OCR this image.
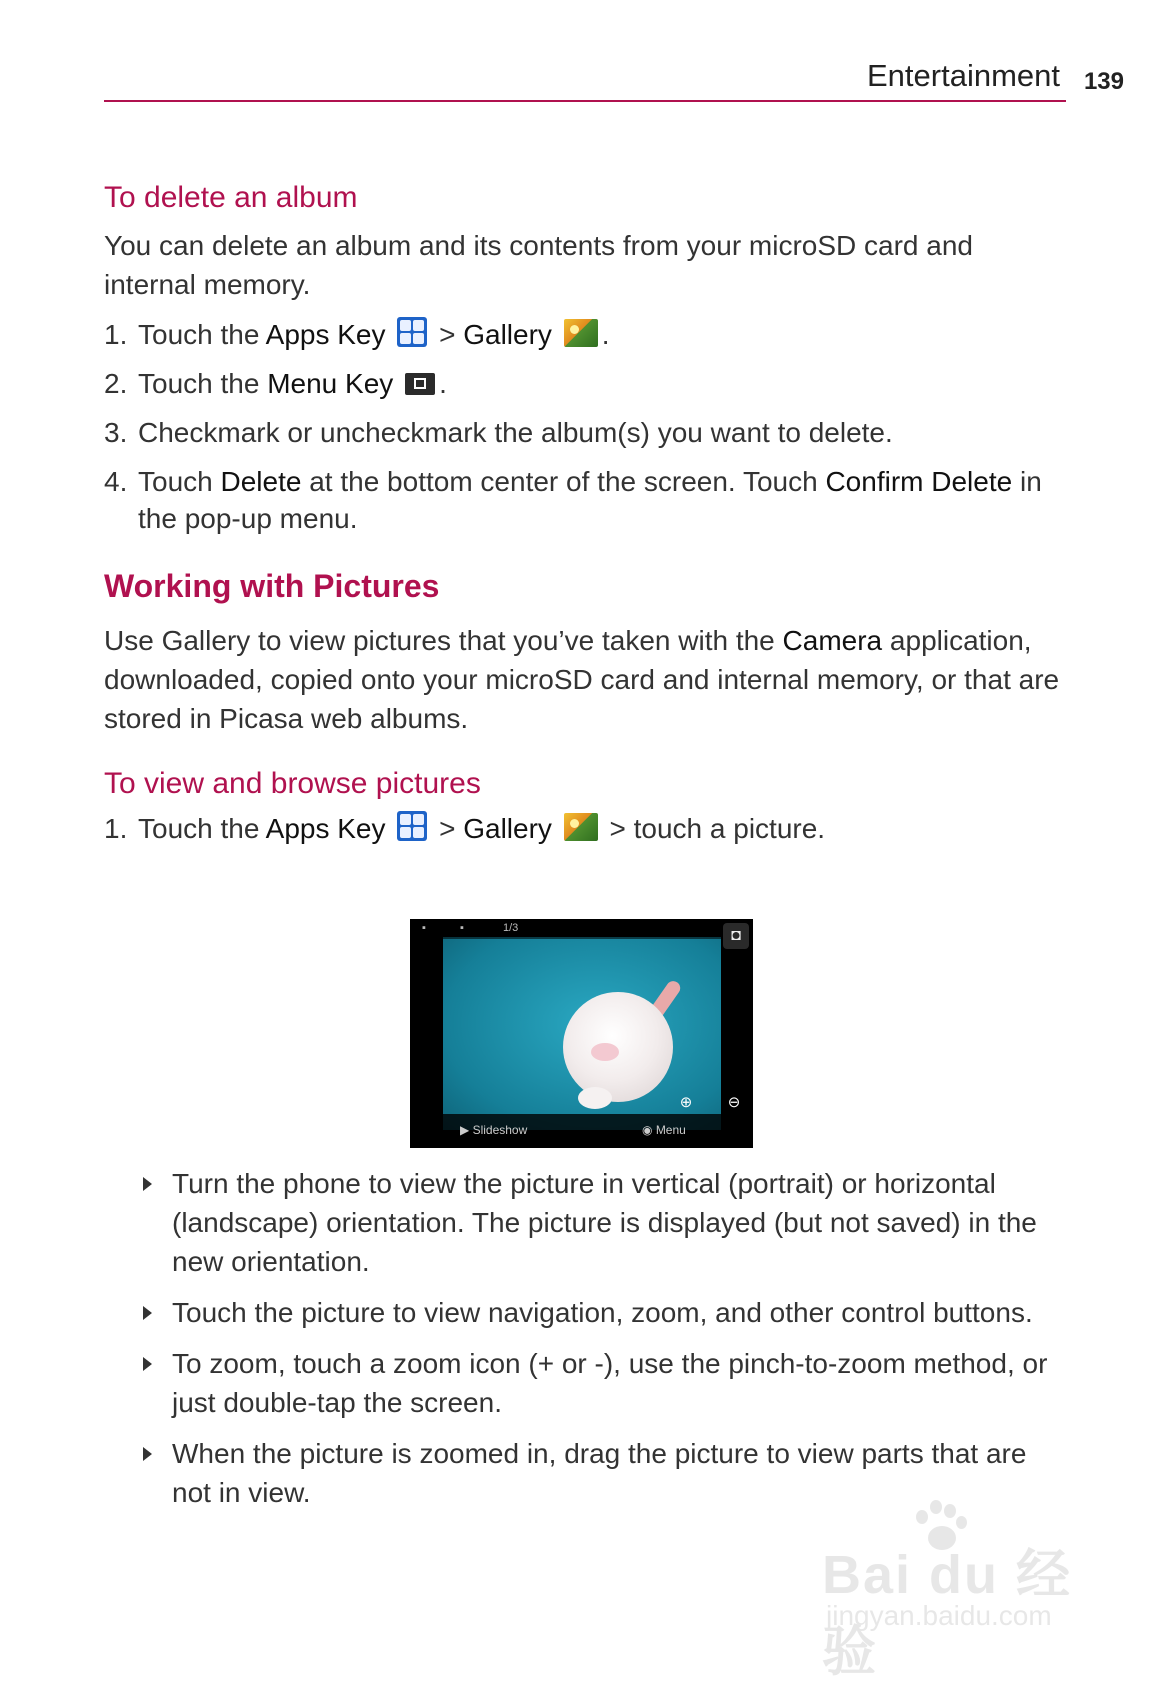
Entertainment 139
To delete an album

You can delete an album and its contents from your microSD card and internal memory.

1. Touch the Apps Key
> Gallery .
2. Touch the Menu Key .
3. Checkmark or uncheckmark the album(s) you want to delete.
4. Touch Delete at the bottom center of the screen. Touch Confirm Delete in the pop-up menu.
Working with Pictures

Use Gallery to view pictures that you’ve taken with the Camera application, downloaded, copied onto your microSD card and internal memory, or that are stored in Picasa web albums.

To view and browse pictures
1. Touch the Apps Key
> Gallery  > touch a picture.
▪	▪	1/3	◘
⊕ ⊖
▶ Slideshow	◉ Menu
Turn the phone to view the picture in vertical (portrait) or horizontal (landscape) orientation. The picture is displayed (but not saved) in the new orientation.
Touch the picture to view navigation, zoom, and other control buttons.
To zoom, touch a zoom icon (+ or -), use the pinch-to-zoom method, or just double-tap the screen.
When the picture is zoomed in, drag the picture to view parts that are not in view.
Bai du 经验
jingyan.baidu.com
